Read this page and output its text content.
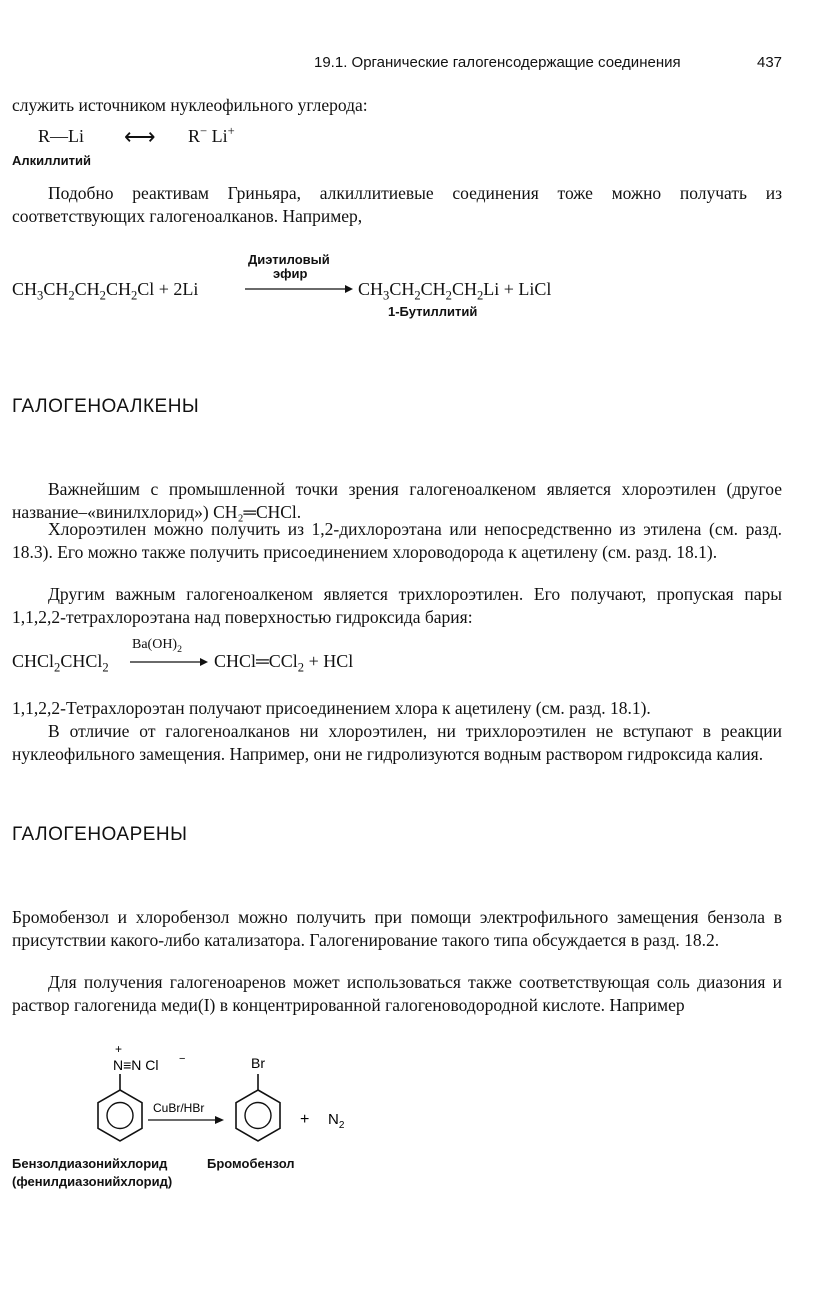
19.1. Органические галогенсодержащие соединения	437
служить источником нуклеофильного углерода:
R—Li ⟷ R− Li+
Алкиллитий
Подобно реактивам Гриньяра, алкиллитиевые соединения тоже можно получать из соответствующих галогеноалканов. Например,
Диэтиловый
эфир
$CH_3CH_2CH_2CH_2Cl + 2Li$	$CH_3CH_2CH_2CH_2Li$ + LiCl
1-Бутиллитий
ГАЛОГЕНОАЛКЕНЫ
Важнейшим с промышленной точки зрения галогеноалкеном является хлороэтилен (другое название–«винилхлорид») CH₂═CHCl.
Хлороэтилен можно получить из 1,2-дихлороэтана или непосредственно из этилена (см. разд. 18.3). Его можно также получить присоединением хлороводорода к ацетилену (см. разд. 18.1).
Другим важным галогеноалкеном является трихлороэтилен. Его получают, пропуская пары 1,1,2,2-тетрахлороэтана над поверхностью гидроксида бария:
$Ba(OH)_2$
CHCl$_2$CHCl$_2$	CHCl═CCl$_2$ + HCl
1,1,2,2-Тетрахлороэтан получают присоединением хлора к ацетилену (см. разд. 18.1).
В отличие от галогеноалканов ни хлороэтилен, ни трихлороэтилен не вступают в реакции нуклеофильного замещения. Например, они не гидролизуются водным раствором гидроксида калия.
ГАЛОГЕНОАРЕНЫ
Бромобензол и хлоробензол можно получить при помощи электрофильного замещения бензола в присутствии какого-либо катализатора. Галогенирование такого типа обсуждается в разд. 18.2.
Для получения галогеноаренов может использоваться также соответствующая соль диазония и раствор галогенида меди(I) в концентрированной галогеноводородной кислоте. Например
+
N≡N Cl −
CuBr/HBr
Br
+ $N_2$
Бензолдиазонийхлорид	Бромобензол
(фенилдиазонийхлорид)
